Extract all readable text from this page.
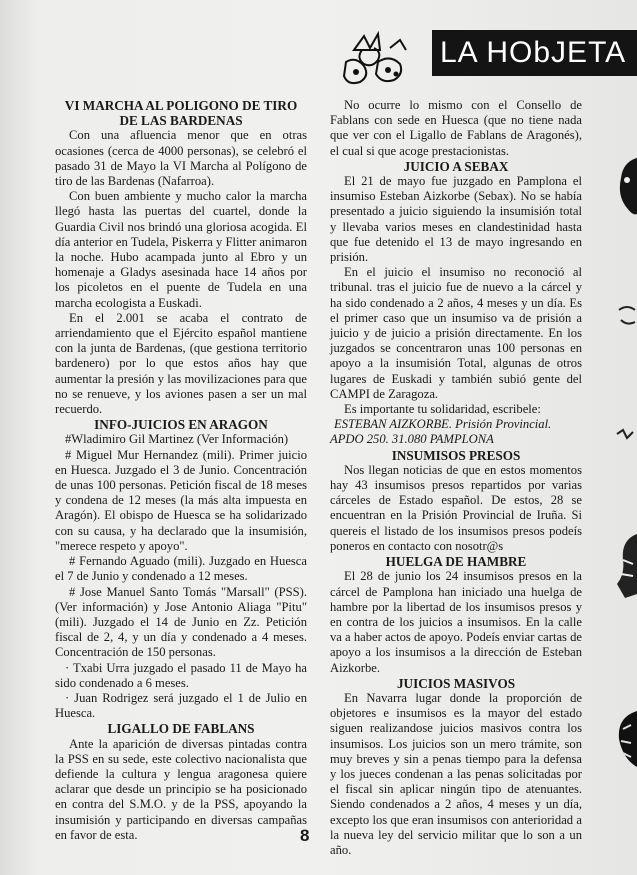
LA HObJETA
VI MARCHA AL POLIGONO DE TIRO DE LAS BARDENAS

Con una afluencia menor que en otras ocasiones (cerca de 4000 personas), se celebró el pasado 31 de Mayo la VI Marcha al Polígono de tiro de las Bardenas (Nafarroa).

Con buen ambiente y mucho calor la marcha llegó hasta las puertas del cuartel, donde la Guardia Civil nos brindó una gloriosa acogida. El día anterior en Tudela, Piskerra y Flitter animaron la noche. Hubo acampada junto al Ebro y un homenaje a Gladys asesinada hace 14 años por los picoletos en el puente de Tudela en una marcha ecologista a Euskadi.

En el 2.001 se acaba el contrato de arriendamiento que el Ejército español mantiene con la junta de Bardenas, (que gestiona territorio bardenero) por lo que estos años hay que aumentar la presión y las movilizaciones para que no se renueve, y los aviones pasen a ser un mal recuerdo.

INFO-JUICIOS EN ARAGON

#Wladimiro Gil Martinez (Ver Información)

# Miguel Mur Hernandez (mili). Primer juicio en Huesca. Juzgado el 3 de Junio. Concentración de unas 100 personas. Petición fiscal de 18 meses y condena de 12 meses (la más alta impuesta en Aragón). El obispo de Huesca se ha solidarizado con su causa, y ha declarado que la insumisión, "merece respeto y apoyo".

# Fernando Aguado (mili). Juzgado en Huesca el 7 de Junio y condenado a 12 meses.

# Jose Manuel Santo Tomás "Marsall" (PSS).(Ver información) y Jose Antonio Aliaga "Pitu" (mili). Juzgado el 14 de Junio en Zz. Petición fiscal de 2, 4, y un día y condenado a 4 meses. Concentración de 150 personas.

· Txabi Urra juzgado el pasado 11 de Mayo ha sido condenado a 6 meses.

· Juan Rodrigez será juzgado el 1 de Julio en Huesca.

LIGALLO DE FABLANS

Ante la aparición de diversas pintadas contra la PSS en su sede, este colectivo nacionalista que defiende la cultura y lengua aragonesa quiere aclarar que desde un principio se ha posicionado en contra del S.M.O. y de la PSS, apoyando la insumisión y participando en diversas campañas en favor de esta.

No ocurre lo mismo con el Consello de Fablans con sede en Huesca (que no tiene nada que ver con el Ligallo de Fablans de Aragonés), el cual si que acoge prestacionistas.

JUICIO A SEBAX

El 21 de mayo fue juzgado en Pamplona el insumiso Esteban Aizkorbe (Sebax). No se había presentado a juicio siguiendo la insumisión total y llevaba varios meses en clandestinidad hasta que fue detenido el 13 de mayo ingresando en prisión.

En el juicio el insumiso no reconoció al tribunal. tras el juicio fue de nuevo a la cárcel y ha sido condenado a 2 años, 4 meses y un día. Es el primer caso que un insumiso va de prisión a juicio y de juicio a prisión directamente. En los juzgados se concentraron unas 100 personas en apoyo a la insumisión Total, algunas de otros lugares de Euskadi y también subió gente del CAMPI de Zaragoza.

Es importante tu solidaridad, escribele:

ESTEBAN AIZKORBE. Prisión Provincial. APDO 250. 31.080 PAMPLONA

INSUMISOS PRESOS

Nos llegan noticias de que en estos momentos hay 43 insumisos presos repartidos por varias cárceles de Estado español. De estos, 28 se encuentran en la Prisión Provincial de Iruña. Si quereis el listado de los insumisos presos podeís poneros en contacto con nosotr@s

HUELGA DE HAMBRE

El 28 de junio los 24 insumisos presos en la cárcel de Pamplona han iniciado una huelga de hambre por la libertad de los insumisos presos y en contra de los juicios a insumisos. En la calle va a haber actos de apoyo. Podeís enviar cartas de apoyo a los insumisos a la dirección de Esteban Aizkorbe.

JUICIOS MASIVOS

En Navarra lugar donde la proporción de objetores e insumisos es la mayor del estado siguen realizandose juicios masivos contra los insumisos. Los juicios son un mero trámite, son muy breves y sin a penas tiempo para la defensa y los jueces condenan a las penas solicitadas por el fiscal sin aplicar ningún tipo de atenuantes. Siendo condenados a 2 años, 4 meses y un día, excepto los que eran insumisos con anterioridad a la nueva ley del servicio militar que lo son a un año.

8
